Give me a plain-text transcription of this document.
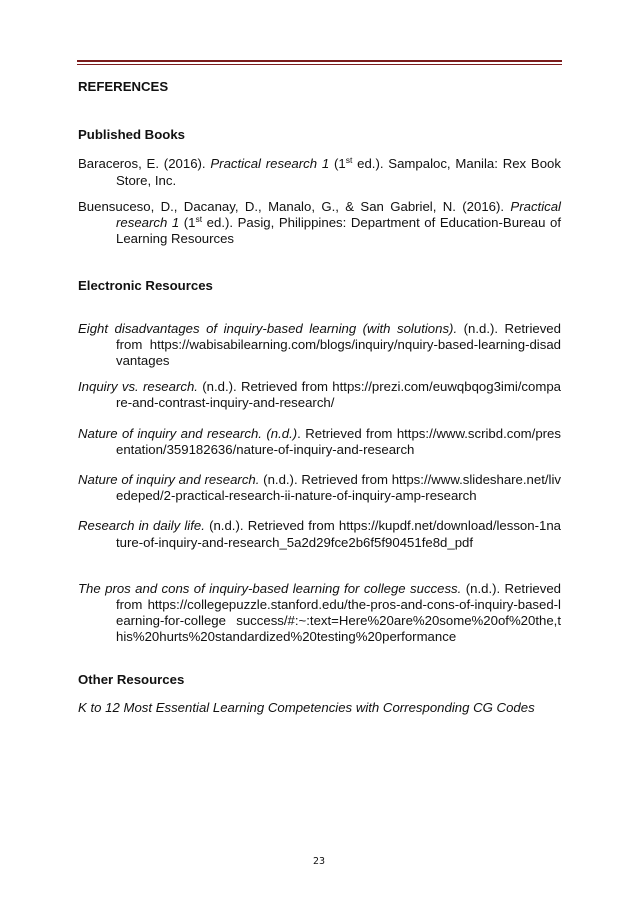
REFERENCES
Published Books

Baraceros, E. (2016). Practical research 1 (1st ed.). Sampaloc, Manila: Rex Book Store, Inc.

Buensuceso, D., Dacanay, D., Manalo, G., & San Gabriel, N. (2016). Practical research 1 (1st ed.). Pasig, Philippines: Department of Education-Bureau of Learning Resources

Electronic Resources

Eight disadvantages of inquiry-based learning (with solutions). (n.d.). Retrieved from https://wabisabilearning.com/blogs/inquiry/nquiry-based-learning-disadvantages

Inquiry vs. research. (n.d.). Retrieved from https://prezi.com/euwqbqog3imi/compare-and-contrast-inquiry-and-research/

Nature of inquiry and research. (n.d.). Retrieved from https://www.scribd.com/presentation/359182636/nature-of-inquiry-and-research

Nature of inquiry and research. (n.d.). Retrieved from https://www.slideshare.net/livedeped/2-practical-research-ii-nature-of-inquiry-amp-research

Research in daily life. (n.d.). Retrieved from https://kupdf.net/download/lesson-1nature-of-inquiry-and-research_5a2d29fce2b6f5f90451fe8d_pdf

The pros and cons of inquiry-based learning for college success. (n.d.). Retrieved from https://collegepuzzle.stanford.edu/the-pros-and-cons-of-inquiry-based-learning-for-college success/#:~:text=Here%20are%20some%20of%20the,this%20hurts%20standardized%20testing%20performance

Other Resources

K to 12 Most Essential Learning Competencies with Corresponding CG Codes

23
